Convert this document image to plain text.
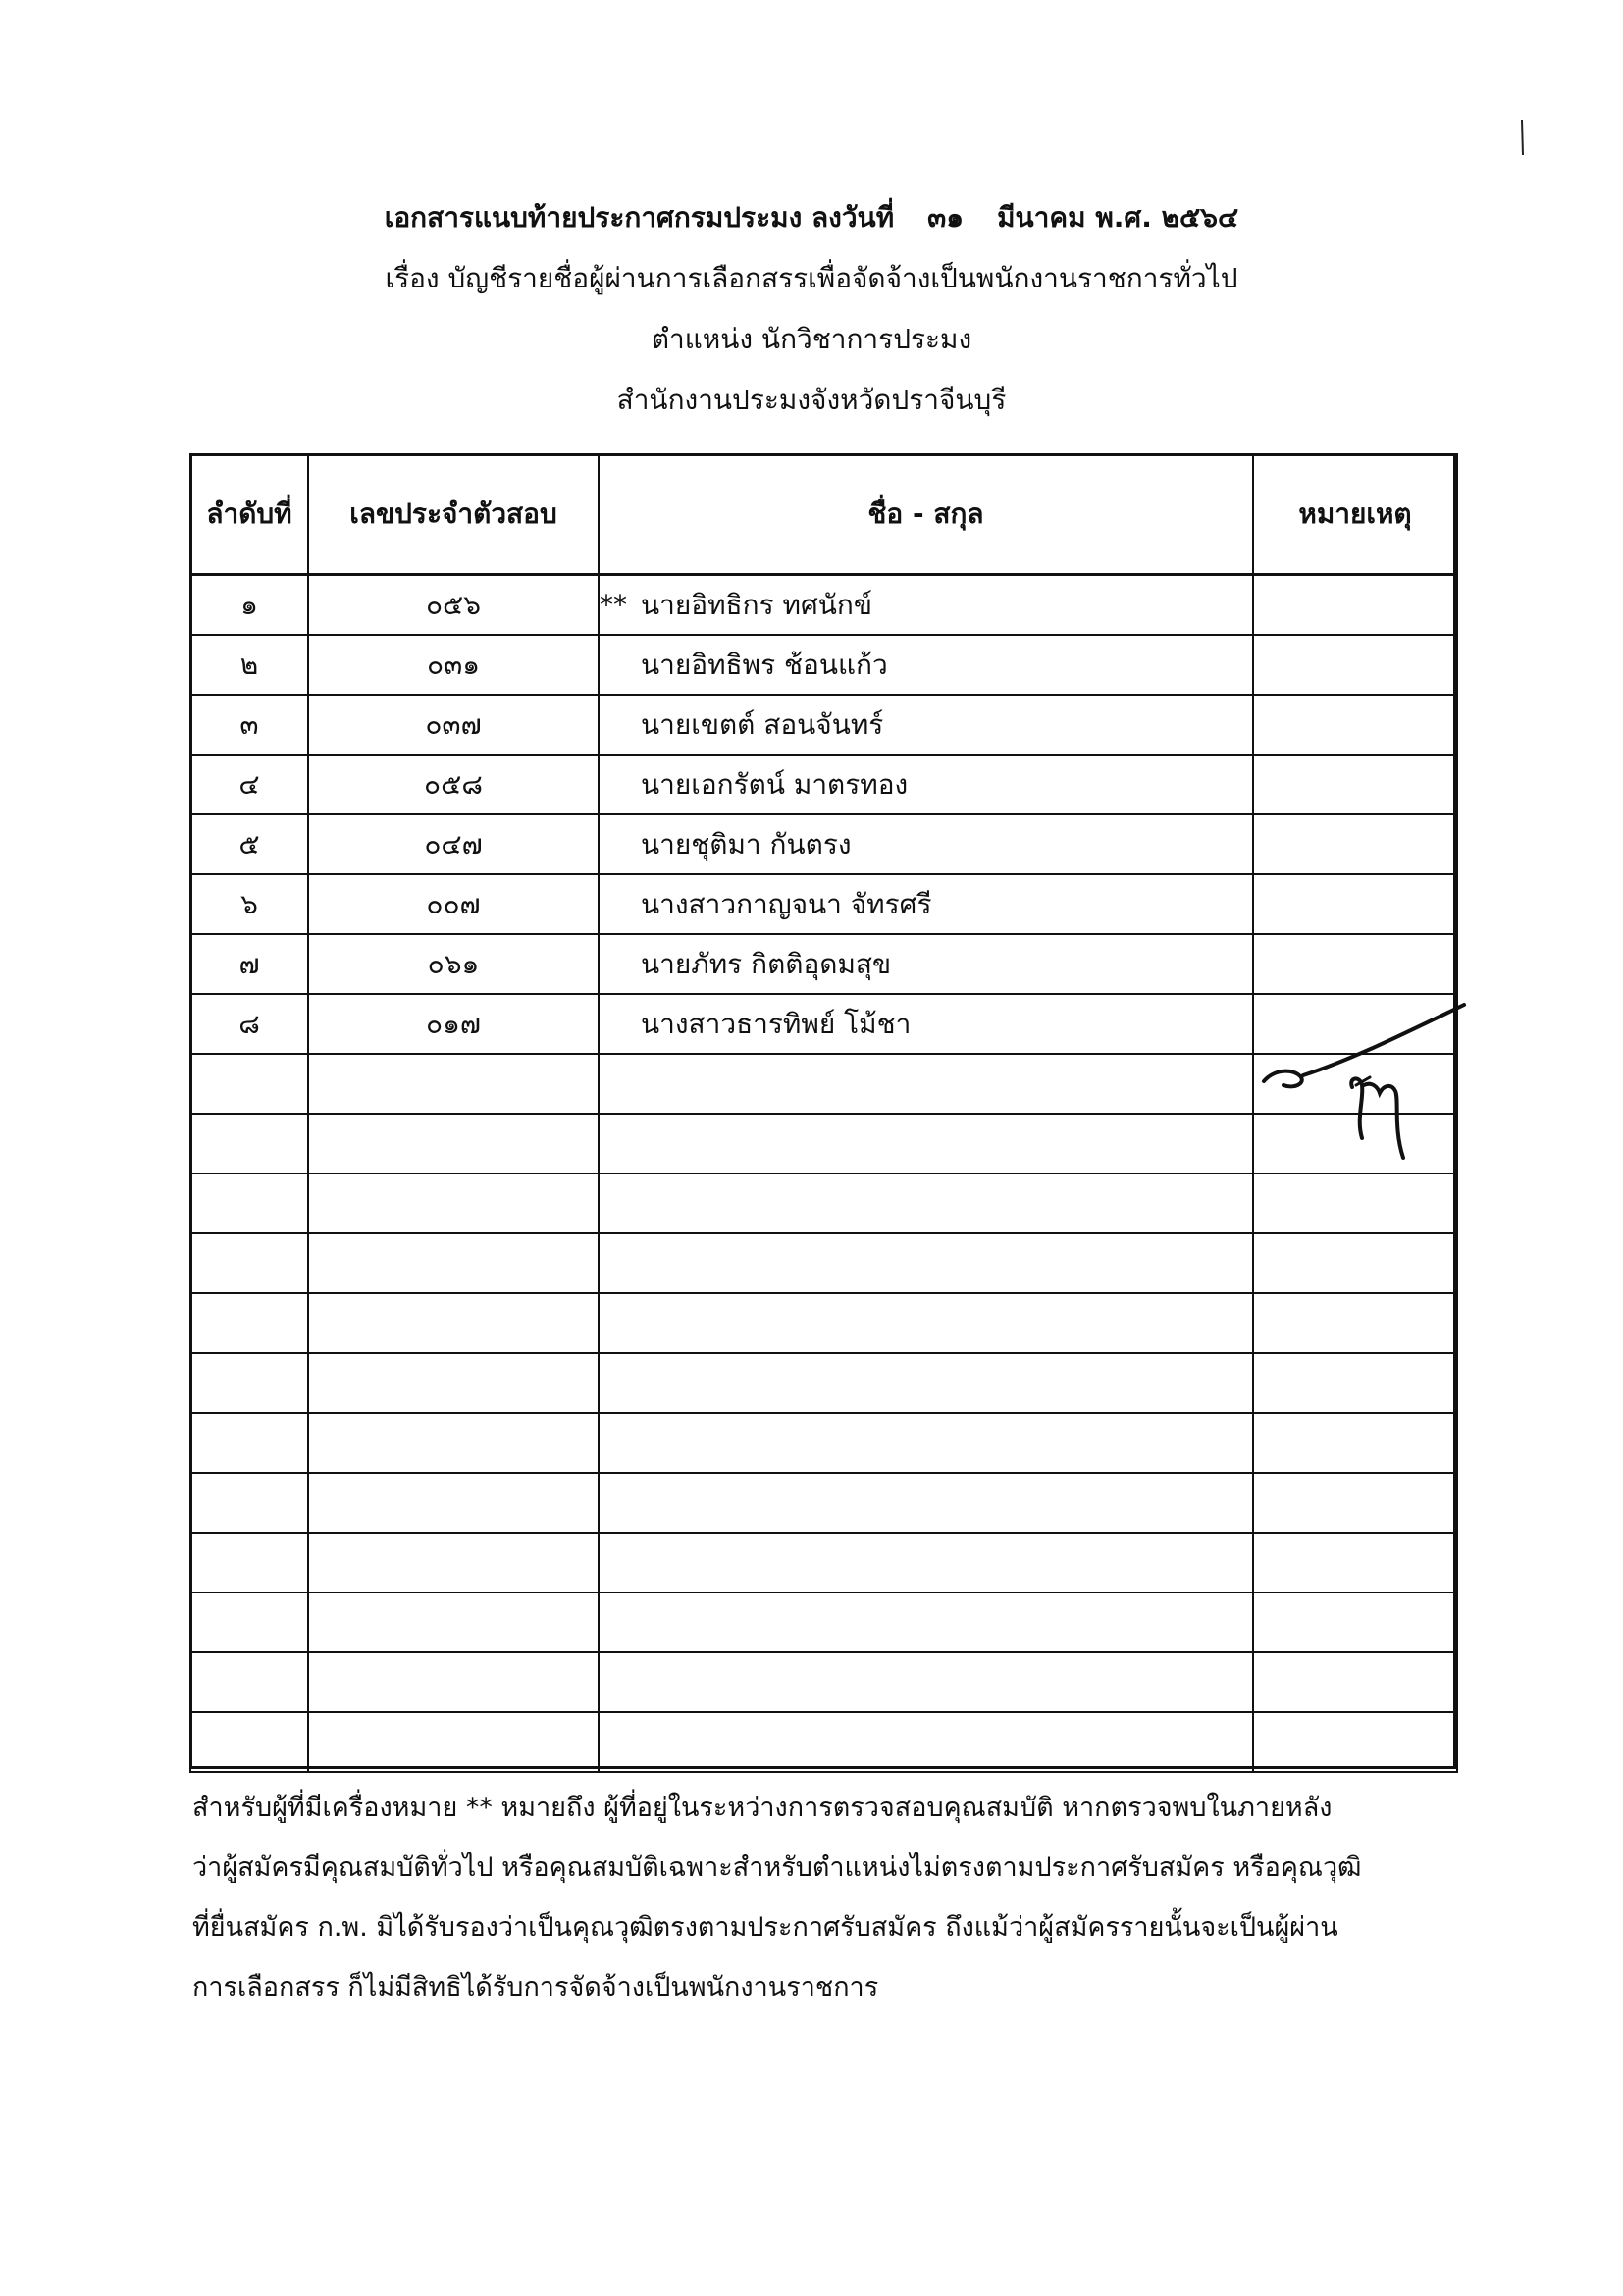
เอกสารแนบท้ายประกาศกรมประมง ลงวันที่ ๓๑ มีนาคม พ.ศ. ๒๕๖๔
เรื่อง บัญชีรายชื่อผู้ผ่านการเลือกสรรเพื่อจัดจ้างเป็นพนักงานราชการทั่วไป
ตำแหน่ง นักวิชาการประมง
สำนักงานประมงจังหวัดปราจีนบุรี
ลำดับที่	เลขประจำตัวสอบ	ชื่อ - สกุล	หมายเหตุ
๑	๐๕๖	** นายอิทธิกร ทศนักข์	
๒	๐๓๑	นายอิทธิพร ช้อนแก้ว	
๓	๐๓๗	นายเขตต์ สอนจันทร์	
๔	๐๕๘	นายเอกรัตน์ มาตรทอง	
๕	๐๔๗	นายชุติมา กันตรง	
๖	๐๐๗	นางสาวกาญจนา จัทรศรี	
๗	๐๖๑	นายภัทร กิตติอุดมสุข	
๘	๐๑๗	นางสาวธารทิพย์ โม้ชา	

สำหรับผู้ที่มีเครื่องหมาย ** หมายถึง ผู้ที่อยู่ในระหว่างการตรวจสอบคุณสมบัติ หากตรวจพบในภายหลัง

ว่าผู้สมัครมีคุณสมบัติทั่วไป หรือคุณสมบัติเฉพาะสำหรับตำแหน่งไม่ตรงตามประกาศรับสมัคร หรือคุณวุฒิ

ที่ยื่นสมัคร ก.พ. มิได้รับรองว่าเป็นคุณวุฒิตรงตามประกาศรับสมัคร ถึงแม้ว่าผู้สมัครรายนั้นจะเป็นผู้ผ่าน

การเลือกสรร ก็ไม่มีสิทธิได้รับการจัดจ้างเป็นพนักงานราชการ
